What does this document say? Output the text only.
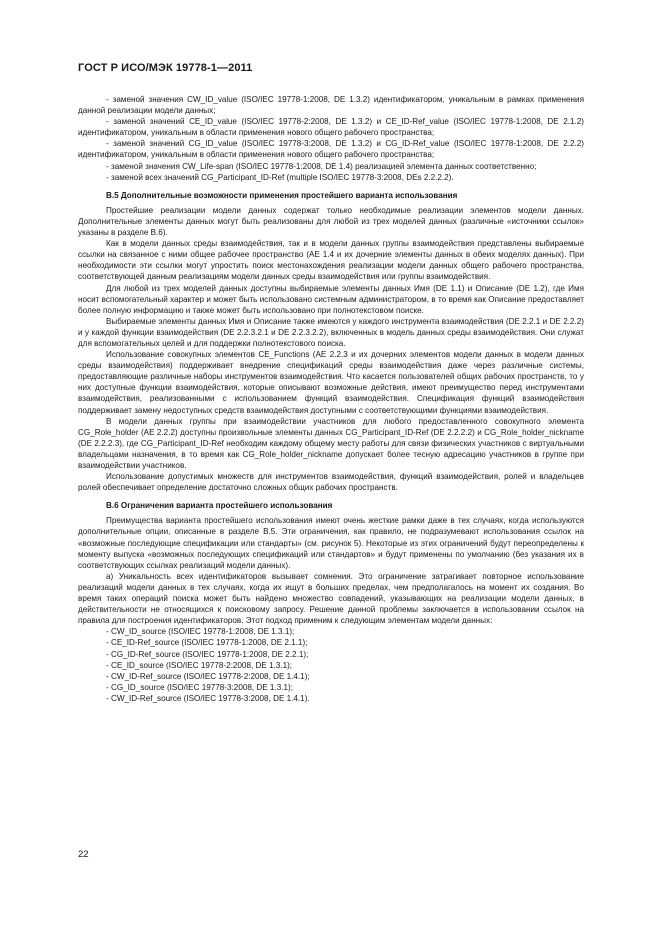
ГОСТ Р ИСО/МЭК 19778-1—2011

- заменой значения CW_ID_value (ISO/IEC 19778-1:2008, DE 1.3.2) идентификатором, уникальным в рамках применения данной реализации модели данных;

- заменой значений CE_ID_value (ISO/IEC 19778-2:2008, DE 1.3.2) и CE_ID-Ref_value (ISO/IEC 19778-1:2008, DE 2.1.2) идентификатором, уникальным в области применения нового общего рабочего пространства;

- заменой значений CG_ID_value (ISO/IEC 19778-3:2008, DE 1.3.2) и CG_ID-Ref_value (ISO/IEC 19778-1:2008, DE 2.2.2) идентификатором, уникальным в области применения нового общего рабочего пространства;

- заменой значения CW_Life-span (ISO/IEC 19778-1:2008, DE 1.4) реализацией элемента данных соответственно;

- заменой всех значений CG_Participant_ID-Ref (multiple ISO/IEC 19778-3:2008, DEs 2.2.2.2).

В.5 Дополнительные возможности применения простейшего варианта использования

Простейшие реализации модели данных содержат только необходимые реализации элементов модели данных. Дополнительные элементы данных могут быть реализованы для любой из трех моделей данных (различные «источники ссылок» указаны в разделе В.6).

Как в модели данных среды взаимодействия, так и в модели данных группы взаимодействия представлены выбираемые ссылки на связанное с ними общее рабочее пространство (AE 1.4 и их дочерние элементы данных в обеих моделях данных). При необходимости эти ссылки могут упростить поиск местонахождения реализации модели данных общего рабочего пространства, соответствующей данным реализациям модели данных среды взаимодействия или группы взаимодействия.

Для любой из трех моделей данных доступны выбираемые элементы данных Имя (DE 1.1) и Описание (DE 1.2), где Имя носит вспомогательный характер и может быть использовано системным администратором, в то время как Описание предоставляет более полную информацию и также может быть использовано при полнотекстовом поиске.

Выбираемые элементы данных Имя и Описание также имеются у каждого инструмента взаимодействия (DE 2.2.1 и DE 2.2.2) и у каждой функции взаимодействия (DE 2.2.3.2.1 и DE 2.2.3.2.2), включенных в модель данных среды взаимодействия. Они служат для вспомогательных целей и для поддержки полнотекстового поиска.

Использование совокупных элементов CE_Functions (AE 2.2.3 и их дочерних элементов модели данных в модели данных среды взаимодействия) поддерживает внедрение спецификаций среды взаимодействия даже через различные системы, предоставляющие различные наборы инструментов взаимодействия. Что касается пользователей общих рабочих пространств, то у них доступные функции взаимодействия, которые описывают возможные действия, имеют преимущество перед инструментами взаимодействия, реализованными с использованием функций взаимодействия. Спецификация функций взаимодействия поддерживает замену недоступных средств взаимодействия доступными с соответствующими функциями взаимодействия.

В модели данных группы при взаимодействии участников для любого предоставленного совокупного элемента CG_Role_holder (AE 2.2.2) доступны произвольные элементы данных CG_Participant_ID-Ref (DE 2.2.2.2) и CG_Role_holder_nickname (DE 2.2.2.3), где CG_Participant_ID-Ref необходим каждому общему месту работы для связи физических участников с виртуальными владельцами назначения, в то время как CG_Role_holder_nickname допускает более тесную адресацию участников в группе при взаимодействии участников.

Использование допустимых множеств для инструментов взаимодействия, функций взаимодействия, ролей и владельцев ролей обеспечивает определение достаточно сложных общих рабочих пространств.

В.6 Ограничения варианта простейшего использования

Преимущества варианта простейшего использования имеют очень жесткие рамки даже в тех случаях, когда используются дополнительные опции, описанные в разделе В.5. Эти ограничения, как правило, не подразумевают использования ссылок на «возможные последующие спецификации или стандарты» (см. рисунок 5). Некоторые из этих ограничений будут переопределены к моменту выпуска «возможных последующих спецификаций или стандартов» и будут применены по умолчанию (без указания их в соответствующих ссылках реализаций модели данных).

а) Уникальность всех идентификаторов вызывает сомнения. Это ограничение затрагивает повторное использование реализаций модели данных в тех случаях, когда их ищут в больших пределах, чем предполагалось на момент их создания. Во время таких операций поиска может быть найдено множество совпадений, указывающих на реализации модели данных, в действительности не относящихся к поисковому запросу. Решение данной проблемы заключается в использовании ссылок на правила для построения идентификаторов. Этот подход применим к следующим элементам модели данных:

- CW_ID_source (ISO/IEC 19778-1:2008, DE 1.3.1);
- CE_ID-Ref_source (ISO/IEC 19778-1:2008, DE 2.1.1);
- CG_ID-Ref_source (ISO/IEC 19778-1:2008, DE 2.2.1);
- CE_ID_source (ISO/IEC 19778-2:2008, DE 1.3.1);
- CW_ID-Ref_source (ISO/IEC 19778-2:2008, DE 1.4.1);
- CG_ID_source (ISO/IEC 19778-3:2008, DE 1.3.1);
- CW_ID-Ref_source (ISO/IEC 19778-3:2008, DE 1.4.1).
22
